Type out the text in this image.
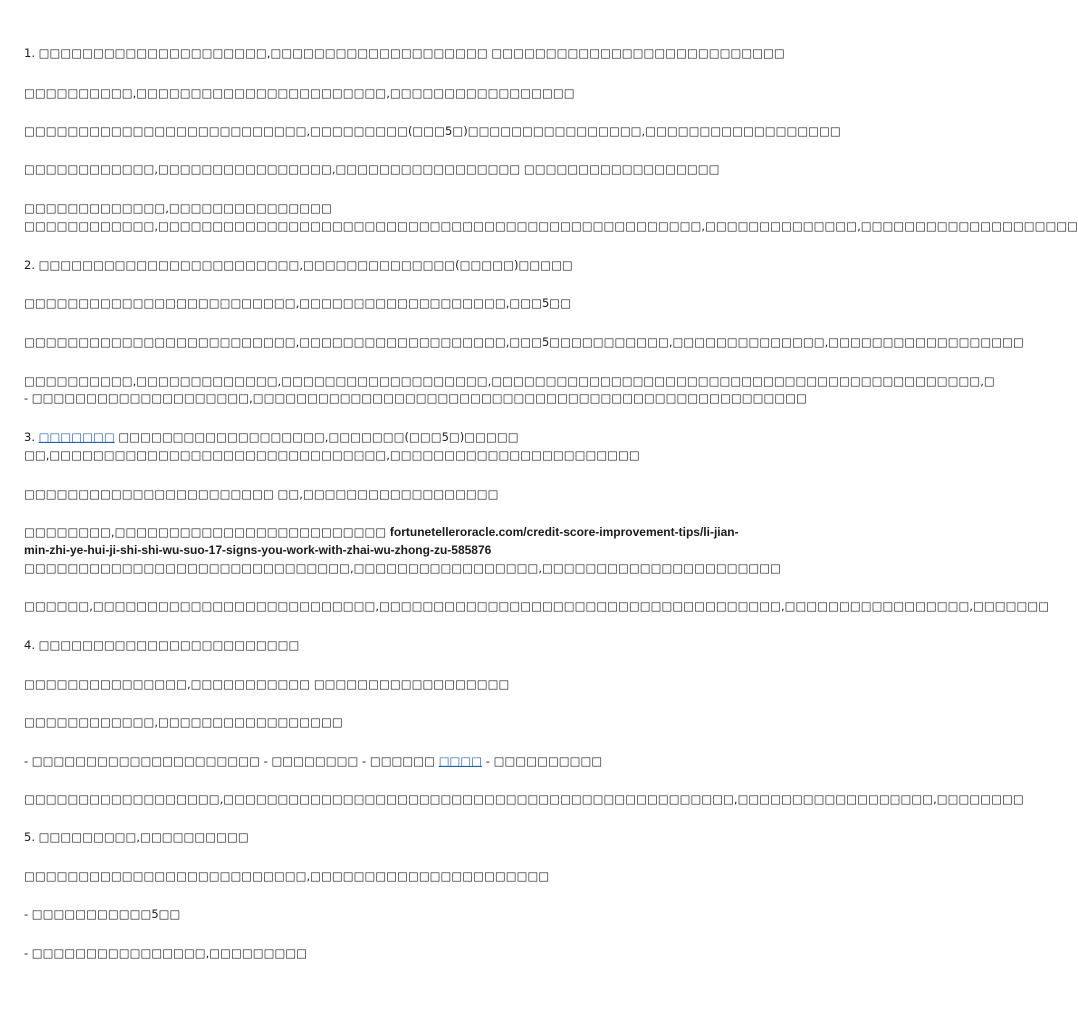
1. □□□□□□□□□□□□□□□□□□□□□,□□□□□□□□□□□□□□□□□□□□ □□□□□□□□□□□□□□□□□□□□□□□□□□□
□□□□□□□□□□,□□□□□□□□□□□□□□□□□□□□□□□,□□□□□□□□□□□□□□□□□
□□□□□□□□□□□□□□□□□□□□□□□□□□,□□□□□□□□□(□□□5□)□□□□□□□□□□□□□□□□,□□□□□□□□□□□□□□□□□□
□□□□□□□□□□□□,□□□□□□□□□□□□□□□□,□□□□□□□□□□□□□□□□□ □□□□□□□□□□□□□□□□□□
□□□□□□□□□□□□□,□□□□□□□□□□□□□□□
□□□□□□□□□□□□,□□□□□□□□□□□□□□□□□□□□□□□□□□□□□□□□□□□□□□□□□□□□□□□□□□,□□□□□□□□□□□□□□,□□□□□□□□□□□□□□□□□□□□
2. □□□□□□□□□□□□□□□□□□□□□□□□,□□□□□□□□□□□□□□(□□□□□)□□□□□
□□□□□□□□□□□□□□□□□□□□□□□□□,□□□□□□□□□□□□□□□□□□□,□□□5□□
□□□□□□□□□□□□□□□□□□□□□□□□□,□□□□□□□□□□□□□□□□□□□,□□□5□□□□□□□□□□□,□□□□□□□□□□□□□□,□□□□□□□□□□□□□□□□□□
□□□□□□□□□□,□□□□□□□□□□□□□,□□□□□□□□□□□□□□□□□□□,□□□□□□□□□□□□□□□□□□□□□□□□□□□□□□□□□□□□□□□□□□□□□,□
- □□□□□□□□□□□□□□□□□□□□,□□□□□□□□□□□□□□□□□□□□□□□□□□□□□□□□□□□□□□□□□□□□□□□□□□□
3. □□□□□□□ □□□□□□□□□□□□□□□□□□□,□□□□□□□(□□□5□)□□□□□
□□,□□□□□□□□□□□□□□□□□□□□□□□□□□□□□□□,□□□□□□□□□□□□□□□□□□□□□□□
□□□□□□□□□□□□□□□□□□□□□□□ □□,□□□□□□□□□□□□□□□□□□
□□□□□□□□,□□□□□□□□□□□□□□□□□□□□□□□□□ fortunetelleroracle.com/credit-score-improvement-tips/li-jian-
min-zhi-ye-hui-ji-shi-shi-wu-suo-17-signs-you-work-with-zhai-wu-zhong-zu-585876
□□□□□□□□□□□□□□□□□□□□□□□□□□□□□□,□□□□□□□□□□□□□□□□□,□□□□□□□□□□□□□□□□□□□□□□
□□□□□□,□□□□□□□□□□□□□□□□□□□□□□□□□□,□□□□□□□□□□□□□□□□□□□□□□□□□□□□□□□□□□□□□,□□□□□□□□□□□□□□□□□,□□□□□□□
4. □□□□□□□□□□□□□□□□□□□□□□□□
□□□□□□□□□□□□□□□,□□□□□□□□□□□ □□□□□□□□□□□□□□□□□□
□□□□□□□□□□□□,□□□□□□□□□□□□□□□□□
- □□□□□□□□□□□□□□□□□□□□□ - □□□□□□□□ - □□□□□□ □□□□ - □□□□□□□□□□
□□□□□□□□□□□□□□□□□□,□□□□□□□□□□□□□□□□□□□□□□□□□□□□□□□□□□□□□□□□□□□□□□□,□□□□□□□□□□□□□□□□□□,□□□□□□□□
5. □□□□□□□□□,□□□□□□□□□□
□□□□□□□□□□□□□□□□□□□□□□□□□□,□□□□□□□□□□□□□□□□□□□□□□
- □□□□□□□□□□□5□□
- □□□□□□□□□□□□□□□□,□□□□□□□□□
